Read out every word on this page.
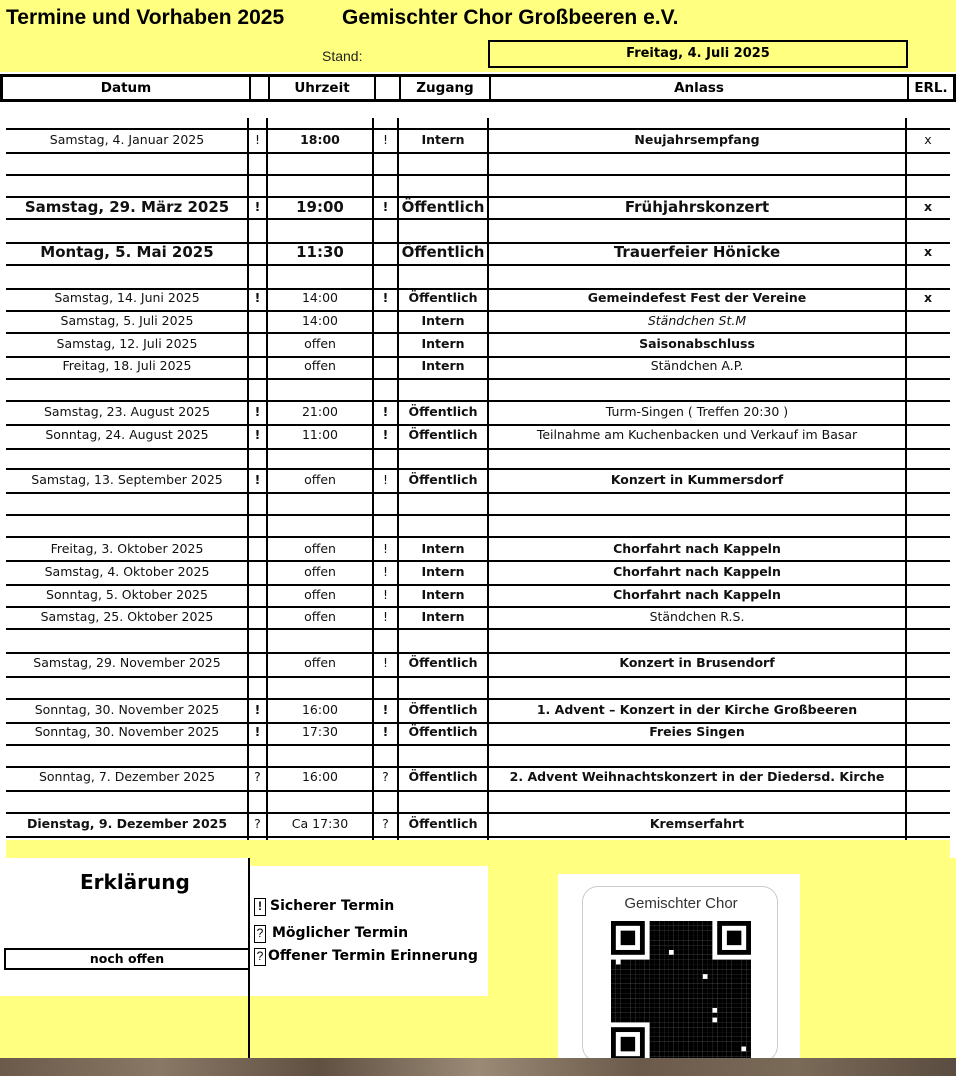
Termine und Vorhaben 2025	Gemischter Chor Großbeeren e.V.
Stand:	Freitag, 4. Juli 2025
Datum	Uhrzeit	Zugang	Anlass	ERL.
Samstag, 4. Januar 2025	!	18:00	!	Intern	Neujahrsempfang	x
Samstag, 29. März 2025	!	19:00	! Öffentlich	Frühjahrskonzert	x
Montag, 5. Mai 2025	11:30	Öffentlich	Trauerfeier Hönicke	x
Samstag, 14. Juni 2025	!	14:00	!	Öffentlich	Gemeindefest Fest der Vereine	x
Samstag, 5. Juli 2025	14:00	Intern	Ständchen St.M
Samstag, 12. Juli 2025	offen	Intern	Saisonabschluss
Freitag, 18. Juli 2025	offen	Intern	Ständchen A.P.
Samstag, 23. August 2025	!	21:00	!	Öffentlich	Turm-Singen ( Treffen 20:30 )
Sonntag, 24. August 2025	!	11:00	!	Öffentlich	Teilnahme am Kuchenbacken und Verkauf im Basar
Samstag, 13. September 2025	!	offen	!	Öffentlich	Konzert in Kummersdorf
Freitag, 3. Oktober 2025	offen	!	Intern	Chorfahrt nach Kappeln
Samstag, 4. Oktober 2025	offen	!	Intern	Chorfahrt nach Kappeln
Sonntag, 5. Oktober 2025	offen	!	Intern	Chorfahrt nach Kappeln
Samstag, 25. Oktober 2025	offen	!	Intern	Ständchen R.S.
Samstag, 29. November 2025	offen	!	Öffentlich	Konzert in Brusendorf
Sonntag, 30. November 2025	!	16:00	!	Öffentlich	1. Advent – Konzert in der Kirche Großbeeren
Sonntag, 30. November 2025	!	17:30	!	Öffentlich	Freies Singen
Sonntag, 7. Dezember 2025	?	16:00	?	Öffentlich	2. Advent Weihnachtskonzert in der Diedersd. Kirche
Dienstag, 9. Dezember 2025	?	Ca 17:30	?	Öffentlich	Kremserfahrt
Erklärung
noch offen
! Sicherer Termin
? Möglicher Termin
? Offener Termin Erinnerung
Gemischter Chor
